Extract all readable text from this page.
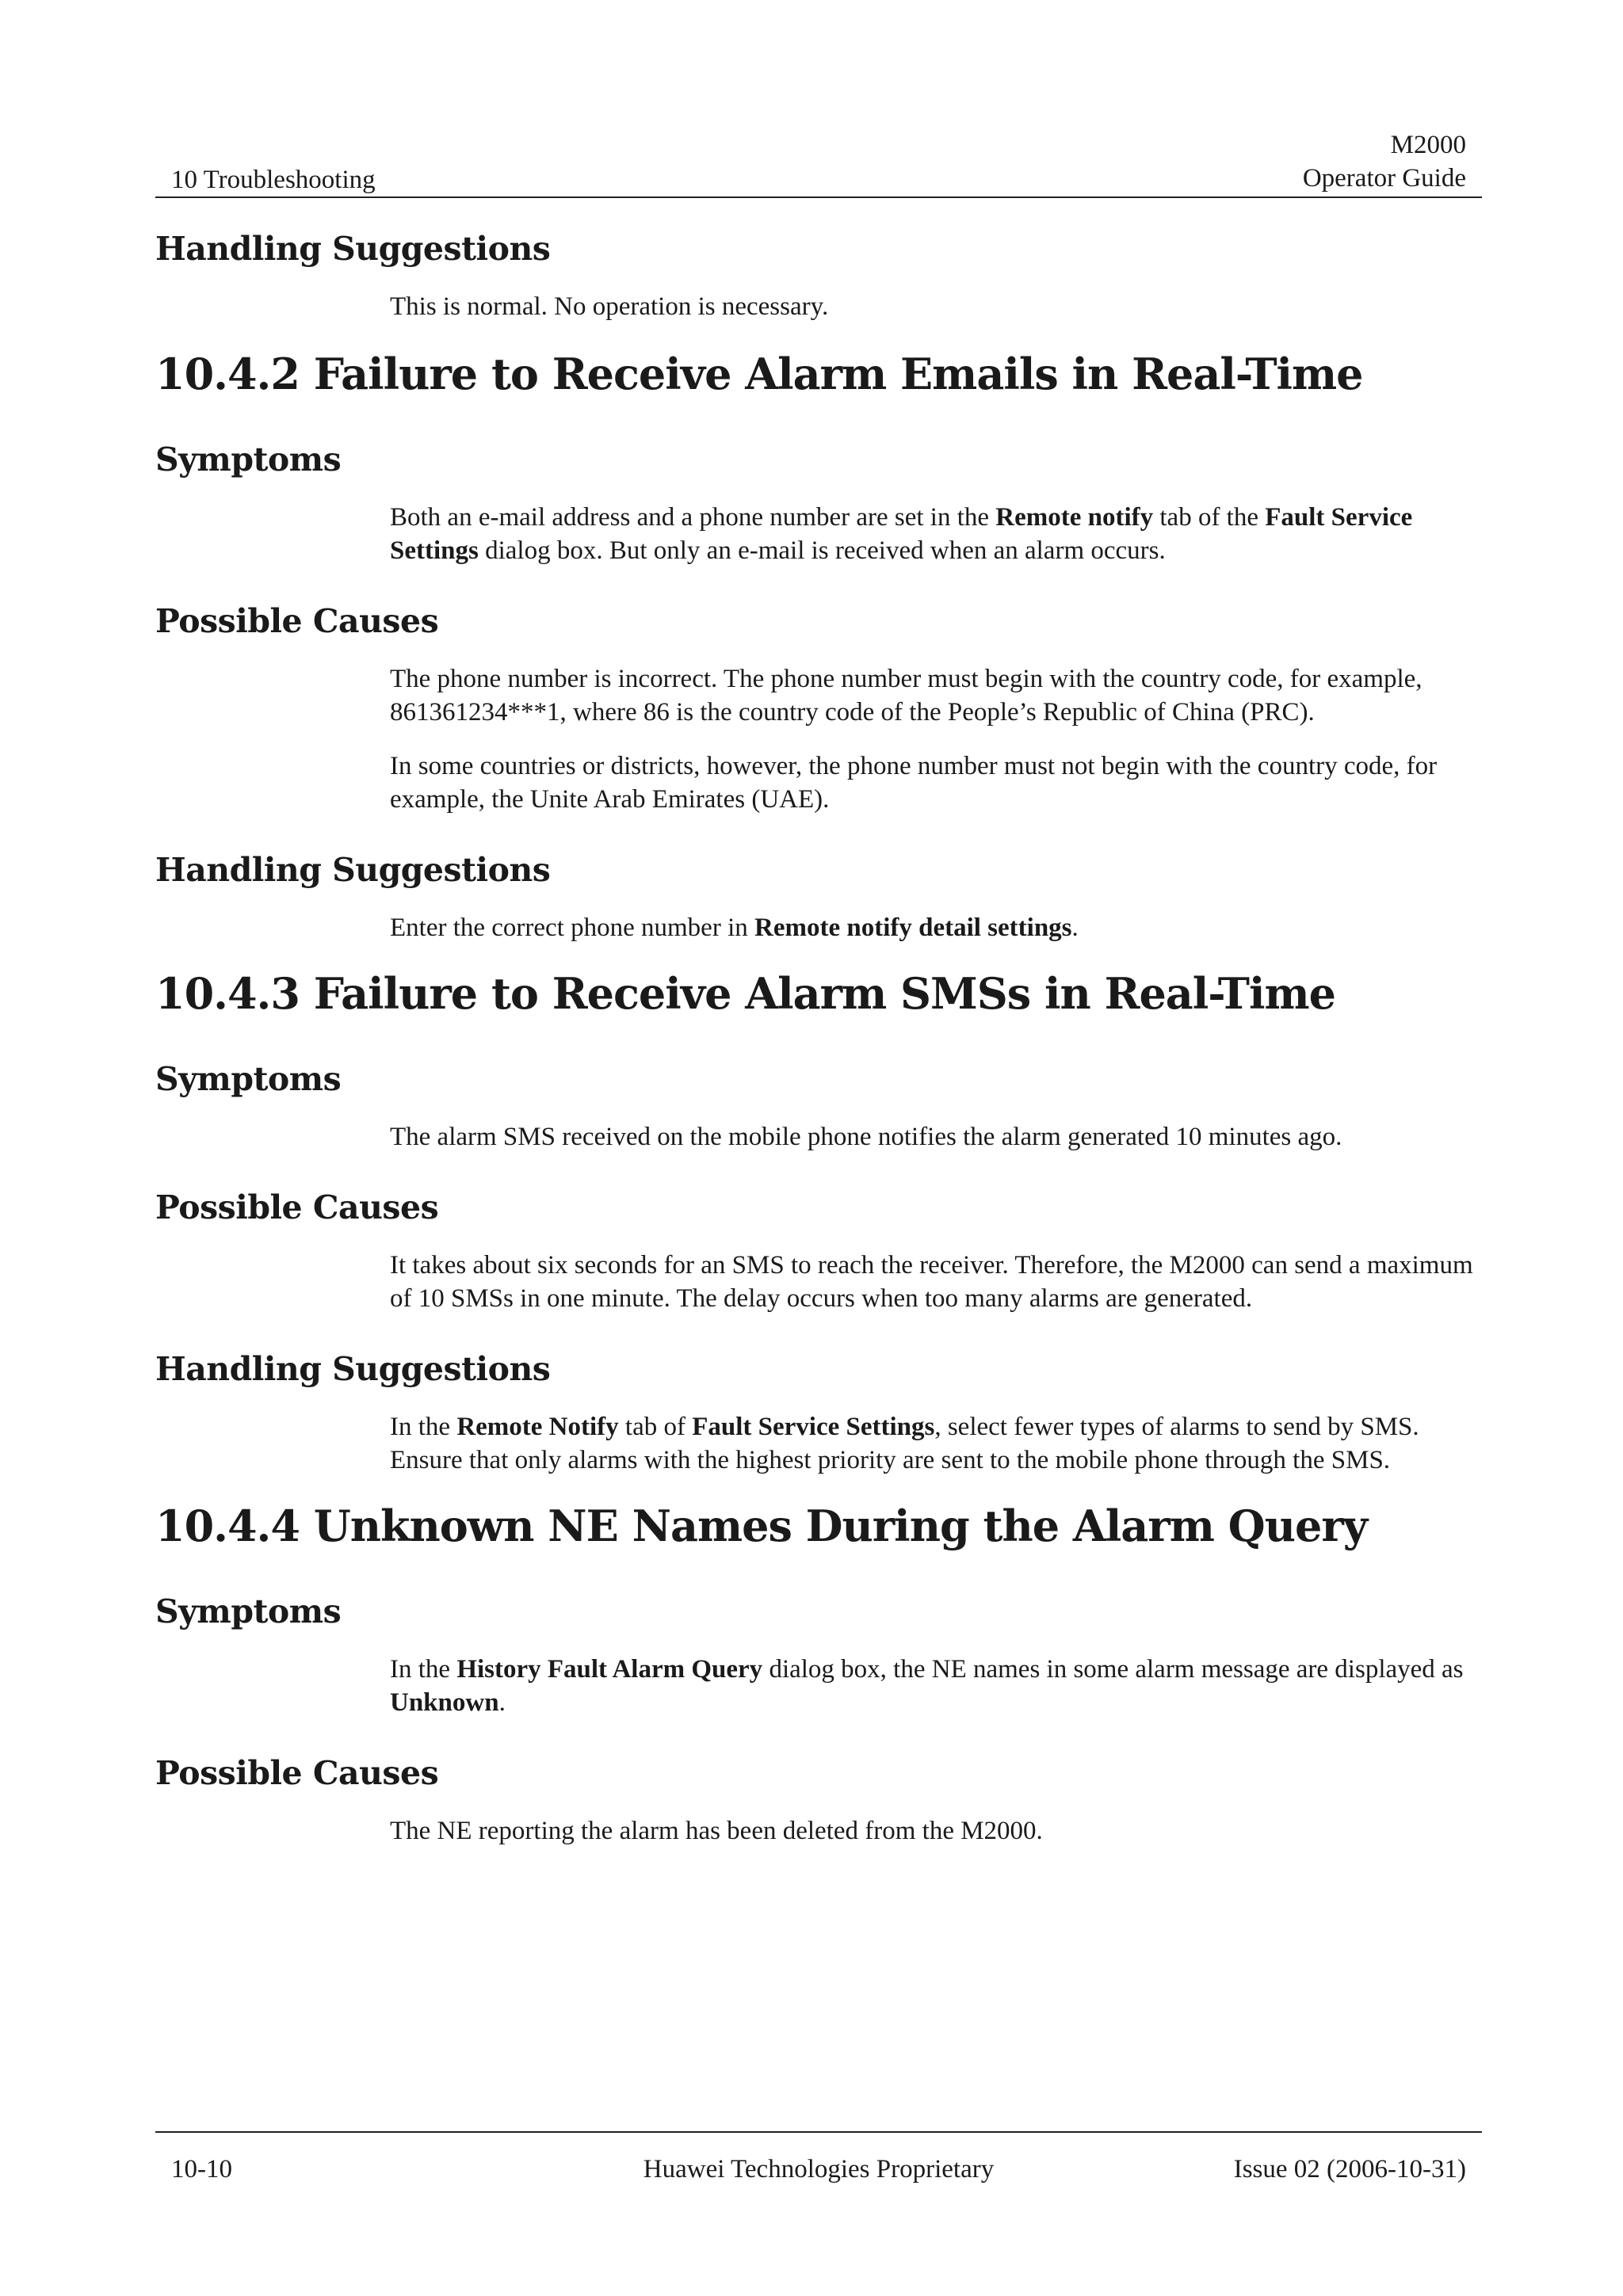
10 Troubleshooting
M2000
Operator Guide
Handling Suggestions

This is normal. No operation is necessary.

10.4.2 Failure to Receive Alarm Emails in Real-Time
Symptoms

Both an e-mail address and a phone number are set in the Remote notify tab of the Fault Service Settings dialog box. But only an e-mail is received when an alarm occurs.

Possible Causes

The phone number is incorrect. The phone number must begin with the country code, for example, 861361234***1, where 86 is the country code of the People’s Republic of China (PRC).

In some countries or districts, however, the phone number must not begin with the country code, for example, the Unite Arab Emirates (UAE).

Handling Suggestions

Enter the correct phone number in Remote notify detail settings.

10.4.3 Failure to Receive Alarm SMSs in Real-Time
Symptoms

The alarm SMS received on the mobile phone notifies the alarm generated 10 minutes ago.

Possible Causes

It takes about six seconds for an SMS to reach the receiver. Therefore, the M2000 can send a maximum of 10 SMSs in one minute. The delay occurs when too many alarms are generated.

Handling Suggestions

In the Remote Notify tab of Fault Service Settings, select fewer types of alarms to send by SMS. Ensure that only alarms with the highest priority are sent to the mobile phone through the SMS.

10.4.4 Unknown NE Names During the Alarm Query
Symptoms

In the History Fault Alarm Query dialog box, the NE names in some alarm message are displayed as Unknown.

Possible Causes

The NE reporting the alarm has been deleted from the M2000.

10-10	Huawei Technologies Proprietary	Issue 02 (2006-10-31)
